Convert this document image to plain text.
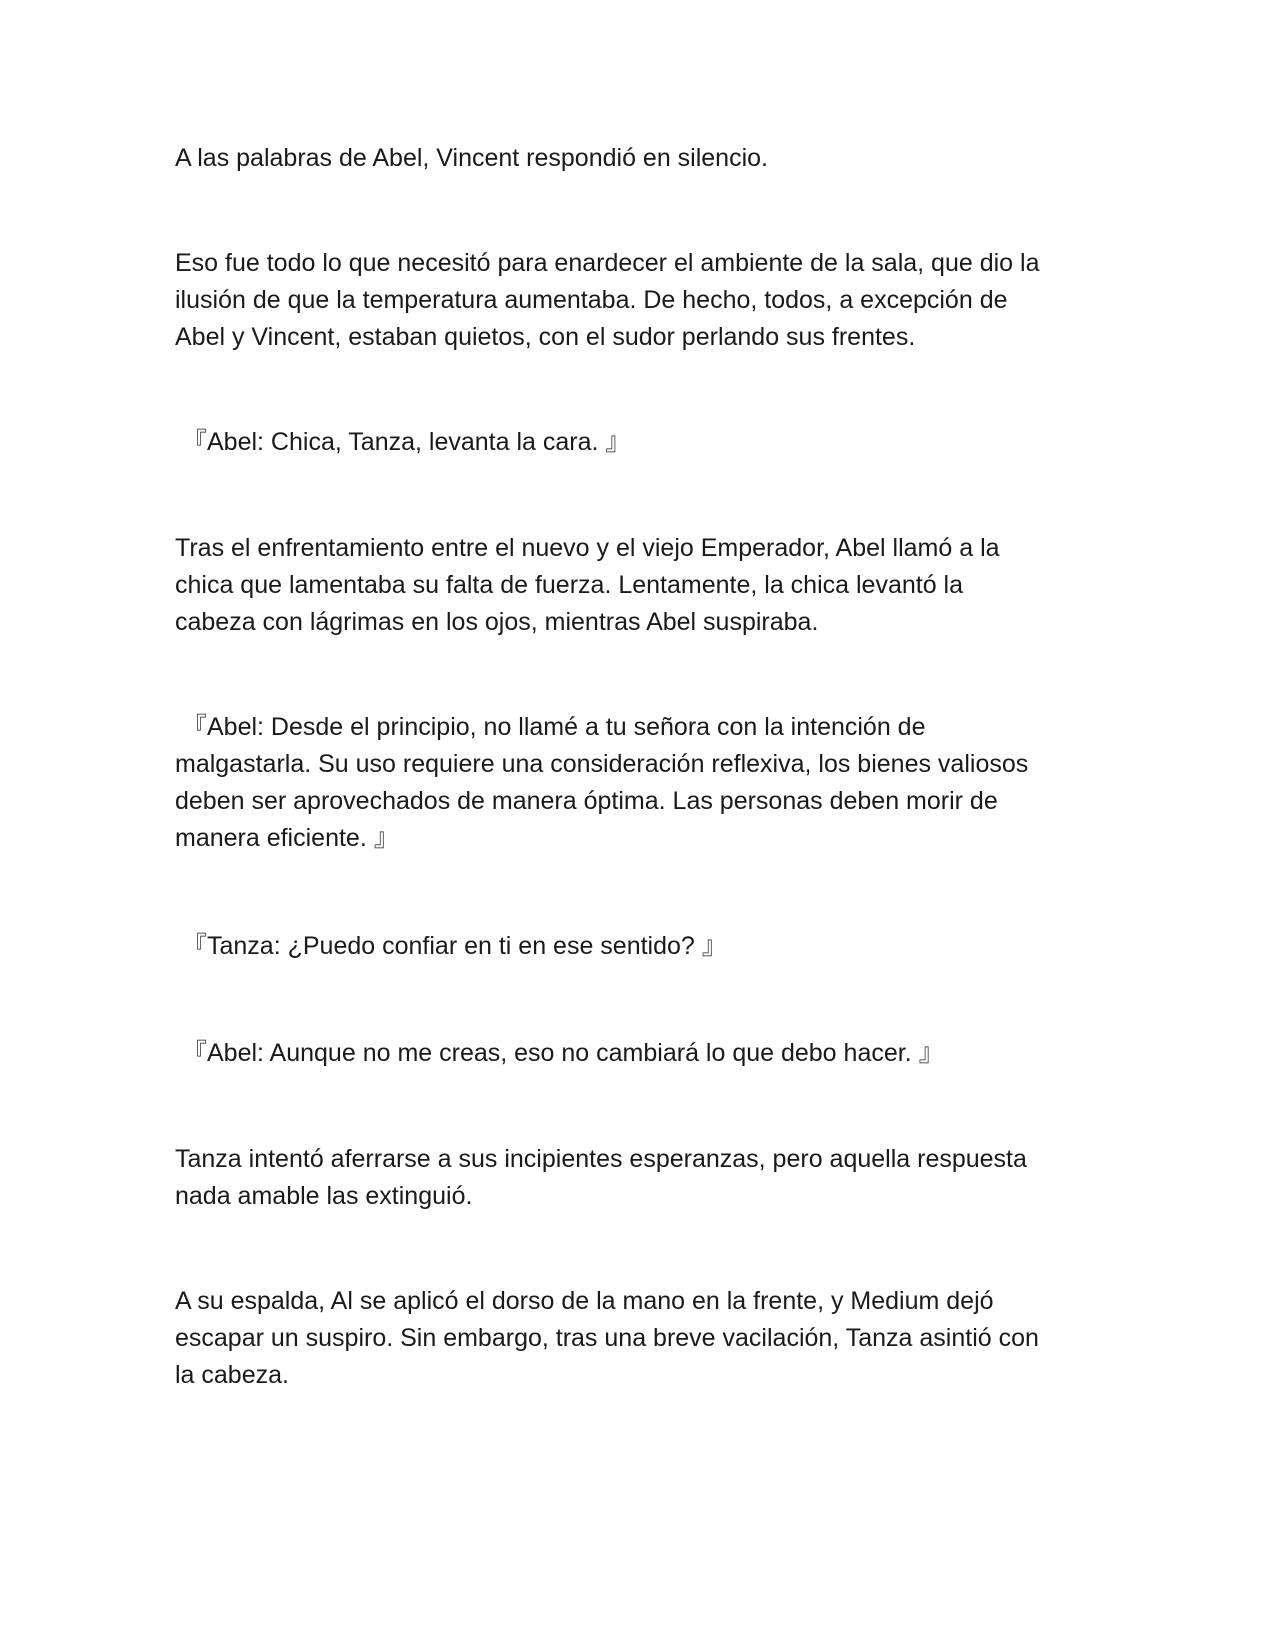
A las palabras de Abel, Vincent respondió en silencio.

Eso fue todo lo que necesitó para enardecer el ambiente de la sala, que dio la
ilusión de que la temperatura aumentaba. De hecho, todos, a excepción de
Abel y Vincent, estaban quietos, con el sudor perlando sus frentes.

『Abel: Chica, Tanza, levanta la cara. 』

Tras el enfrentamiento entre el nuevo y el viejo Emperador, Abel llamó a la
chica que lamentaba su falta de fuerza. Lentamente, la chica levantó la
cabeza con lágrimas en los ojos, mientras Abel suspiraba.

『Abel: Desde el principio, no llamé a tu señora con la intención de
malgastarla. Su uso requiere una consideración reflexiva, los bienes valiosos
deben ser aprovechados de manera óptima. Las personas deben morir de
manera eficiente. 』

『Tanza: ¿Puedo confiar en ti en ese sentido? 』

『Abel: Aunque no me creas, eso no cambiará lo que debo hacer. 』

Tanza intentó aferrarse a sus incipientes esperanzas, pero aquella respuesta
nada amable las extinguió.

A su espalda, Al se aplicó el dorso de la mano en la frente, y Medium dejó
escapar un suspiro. Sin embargo, tras una breve vacilación, Tanza asintió con
la cabeza.
